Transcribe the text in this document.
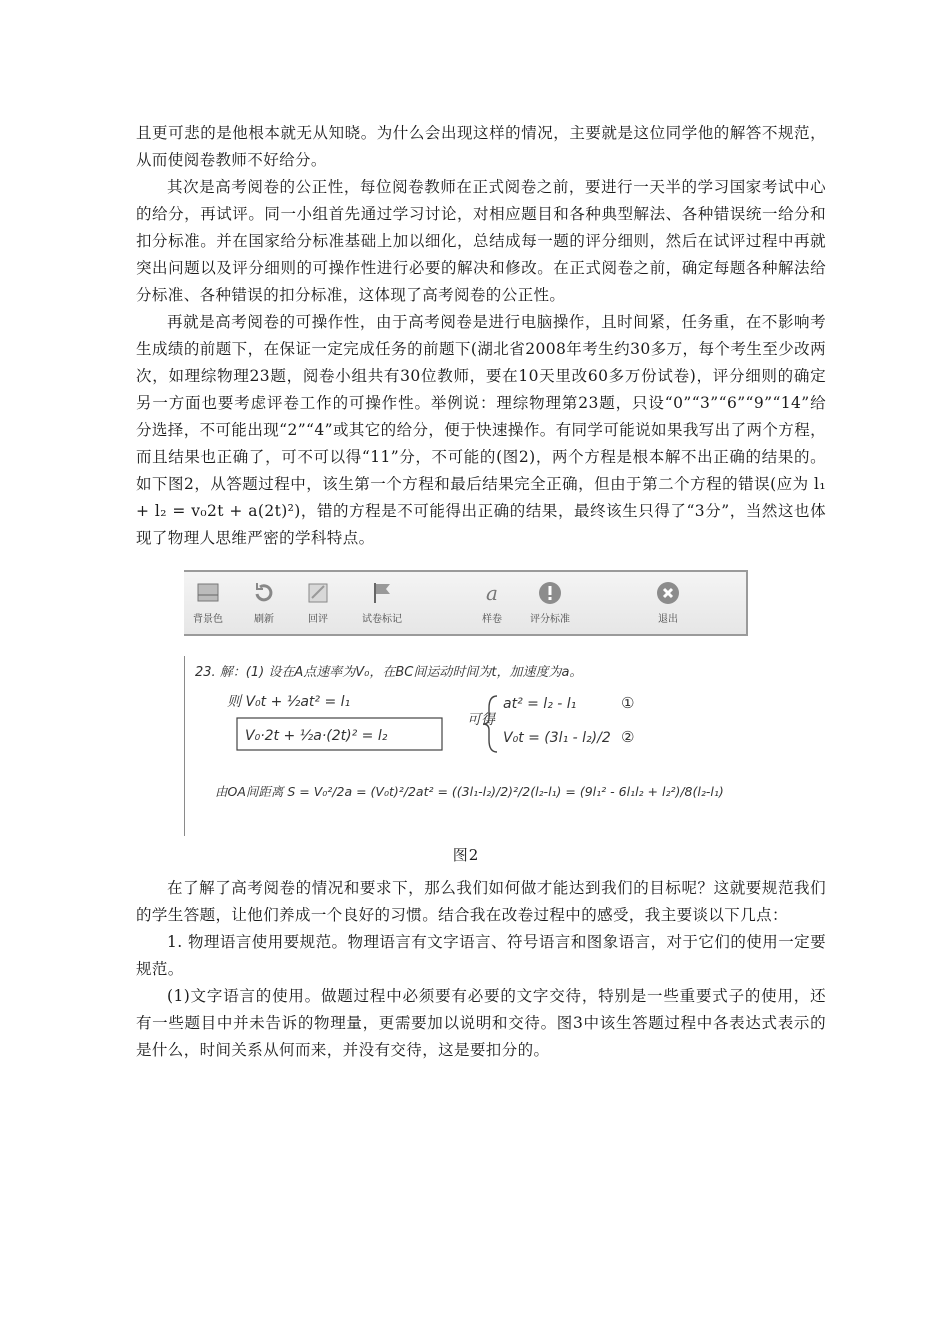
且更可悲的是他根本就无从知晓。为什么会出现这样的情况，主要就是这位同学他的解答不规范，从而使阅卷教师不好给分。

其次是高考阅卷的公正性，每位阅卷教师在正式阅卷之前，要进行一天半的学习国家考试中心的给分，再试评。同一小组首先通过学习讨论，对相应题目和各种典型解法、各种错误统一给分和扣分标准。并在国家给分标准基础上加以细化，总结成每一题的评分细则，然后在试评过程中再就突出问题以及评分细则的可操作性进行必要的解决和修改。在正式阅卷之前，确定每题各种解法给分标准、各种错误的扣分标准，这体现了高考阅卷的公正性。

再就是高考阅卷的可操作性，由于高考阅卷是进行电脑操作，且时间紧，任务重，在不影响考生成绩的前题下，在保证一定完成任务的前题下(湖北省2008年考生约30多万，每个考生至少改两次，如理综物理23题，阅卷小组共有30位教师，要在10天里改60多万份试卷)，评分细则的确定另一方面也要考虑评卷工作的可操作性。举例说：理综物理第23题，只设“0”“3”“6”“9”“14”给分选择，不可能出现“2”“4”或其它的给分，便于快速操作。有同学可能说如果我写出了两个方程，而且结果也正确了，可不可以得“11”分，不可能的(图2)，两个方程是根本解不出正确的结果的。如下图2，从答题过程中，该生第一个方程和最后结果完全正确，但由于第二个方程的错误(应为 l₁ + l₂ = v₀2t + a(2t)²)，错的方程是不可能得出正确的结果，最终该生只得了“3分”，当然这也体现了物理人思维严密的学科特点。

背景色	刷新	回评	试卷标记
a
样卷	评分标准	退出
23. 解：(1) 设在A点速率为V₀，在BC间运动时间为t，加速度为a。
则 V₀t + ½at² = l₁
V₀·2t + ½a·(2t)² = l₂
可得
at² = l₂ - l₁
V₀t = (3l₁ - l₂)/2
①
②
由OA间距离 S = V₀²/2a = (V₀t)²/2at² = ((3l₁-l₂)/2)²/2(l₂-l₁) = (9l₁² - 6l₁l₂ + l₂²)/8(l₂-l₁)
图2

在了解了高考阅卷的情况和要求下，那么我们如何做才能达到我们的目标呢？这就要规范我们的学生答题，让他们养成一个良好的习惯。结合我在改卷过程中的感受，我主要谈以下几点：

1. 物理语言使用要规范。物理语言有文字语言、符号语言和图象语言，对于它们的使用一定要规范。

(1)文字语言的使用。做题过程中必须要有必要的文字交待，特别是一些重要式子的使用，还有一些题目中并未告诉的物理量，更需要加以说明和交待。图3中该生答题过程中各表达式表示的是什么，时间关系从何而来，并没有交待，这是要扣分的。
